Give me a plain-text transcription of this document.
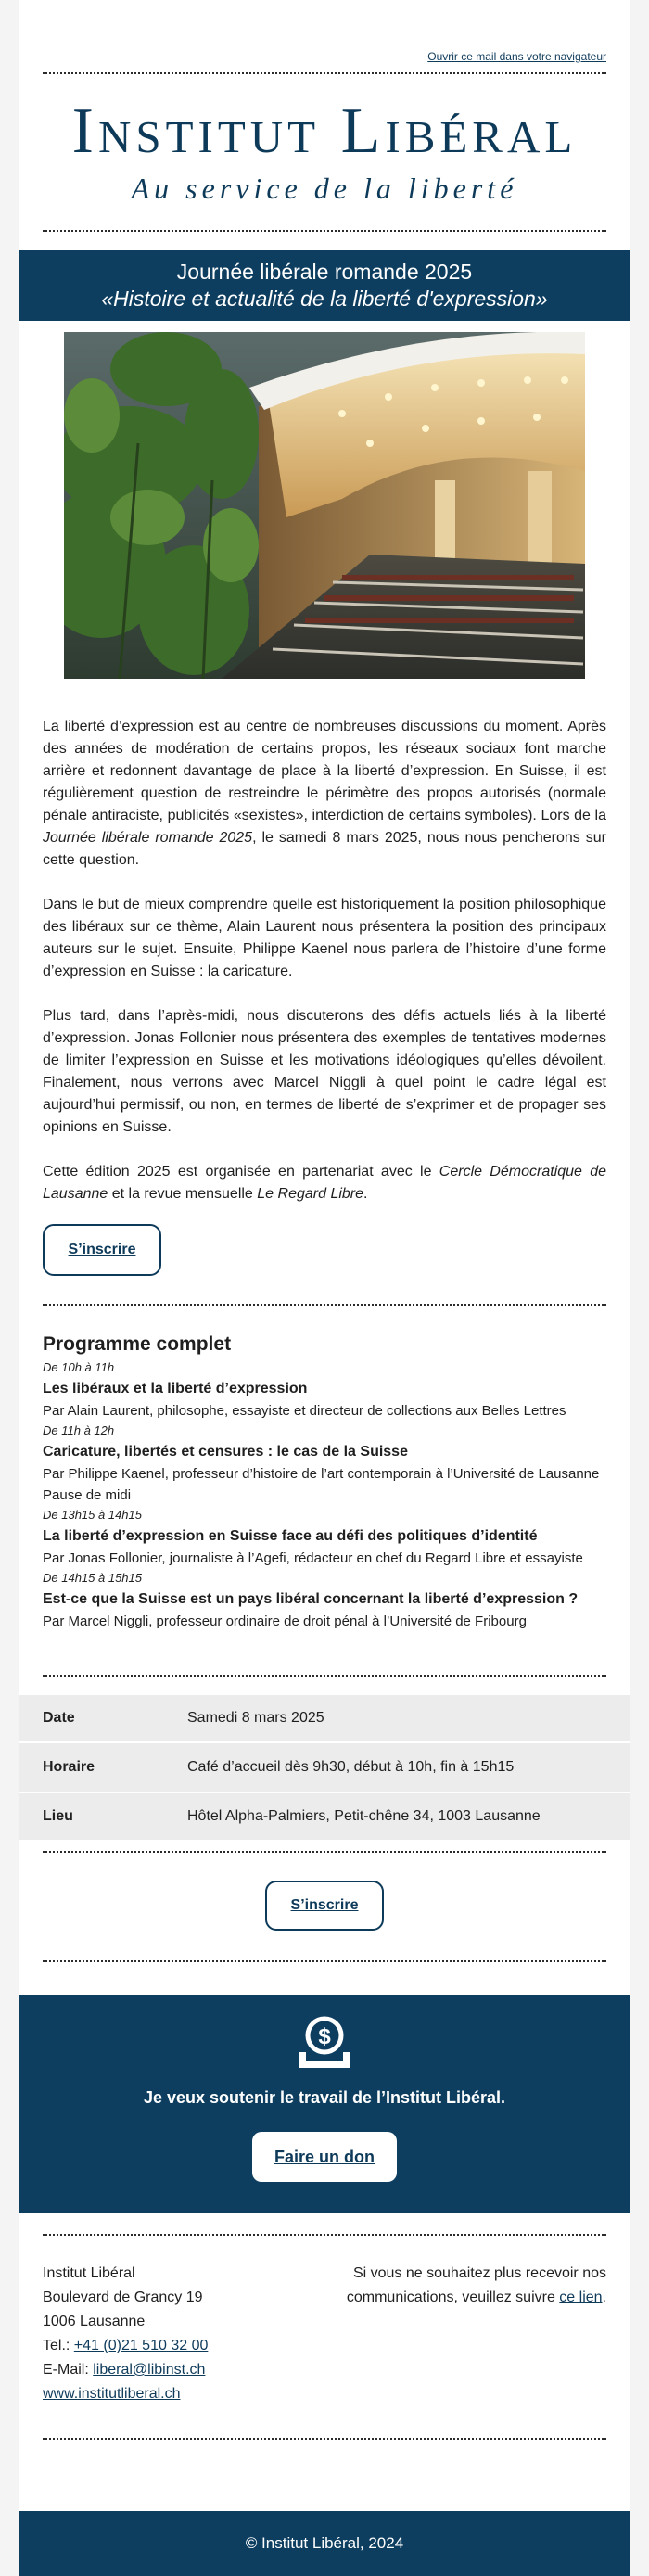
Ouvrir ce mail dans votre navigateur
Institut Libéral
Au service de la liberté
Journée libérale romande 2025
«Histoire et actualité de la liberté d'expression»

La liberté d’expression est au centre de nombreuses discussions du moment. Après des années de modération de certains propos, les réseaux sociaux font marche arrière et redonnent davantage de place à la liberté d’expression. En Suisse, il est régulièrement question de restreindre le périmètre des propos autorisés (normale pénale antiraciste, publicités «sexistes», interdiction de certains symboles). Lors de la Journée libérale romande 2025, le samedi 8 mars 2025, nous nous pencherons sur cette question.

Dans le but de mieux comprendre quelle est historiquement la position philosophique des libéraux sur ce thème, Alain Laurent nous présentera la position des principaux auteurs sur le sujet. Ensuite, Philippe Kaenel nous parlera de l’histoire d’une forme d’expression en Suisse : la caricature.

Plus tard, dans l’après-midi, nous discuterons des défis actuels liés à la liberté d’expression. Jonas Follonier nous présentera des exemples de tentatives modernes de limiter l’expression en Suisse et les motivations idéologiques qu’elles dévoilent. Finalement, nous verrons avec Marcel Niggli à quel point le cadre légal est aujourd’hui permissif, ou non, en termes de liberté de s’exprimer et de propager ses opinions en Suisse.

Cette édition 2025 est organisée en partenariat avec le Cercle Démocratique de Lausanne et la revue mensuelle Le Regard Libre.

S’inscrire
Programme complet
De 10h à 11h
Les libéraux et la liberté d’expression
Par Alain Laurent, philosophe, essayiste et directeur de collections aux Belles Lettres
De 11h à 12h
Caricature, libertés et censures : le cas de la Suisse
Par Philippe Kaenel, professeur d’histoire de l’art contemporain à l’Université de Lausanne
Pause de midi
De 13h15 à 14h15
La liberté d’expression en Suisse face au défi des politiques d’identité
Par Jonas Follonier, journaliste à l’Agefi, rédacteur en chef du Regard Libre et essayiste
De 14h15 à 15h15
Est-ce que la Suisse est un pays libéral concernant la liberté d’expression ?
Par Marcel Niggli, professeur ordinaire de droit pénal à l’Université de Fribourg
Date	Samedi 8 mars 2025
Horaire	Café d’accueil dès 9h30, début à 10h, fin à 15h15
Lieu	Hôtel Alpha-Palmiers, Petit-chêne 34, 1003 Lausanne
S’inscrire
$
Je veux soutenir le travail de l’Institut Libéral.
Faire un don
Institut Libéral
Boulevard de Grancy 19
1006 Lausanne
Tel.: +41 (0)21 510 32 00
E-Mail: liberal@libinst.ch
www.institutliberal.ch
Si vous ne souhaitez plus recevoir nos communications, veuillez suivre ce lien.
© Institut Libéral, 2024
